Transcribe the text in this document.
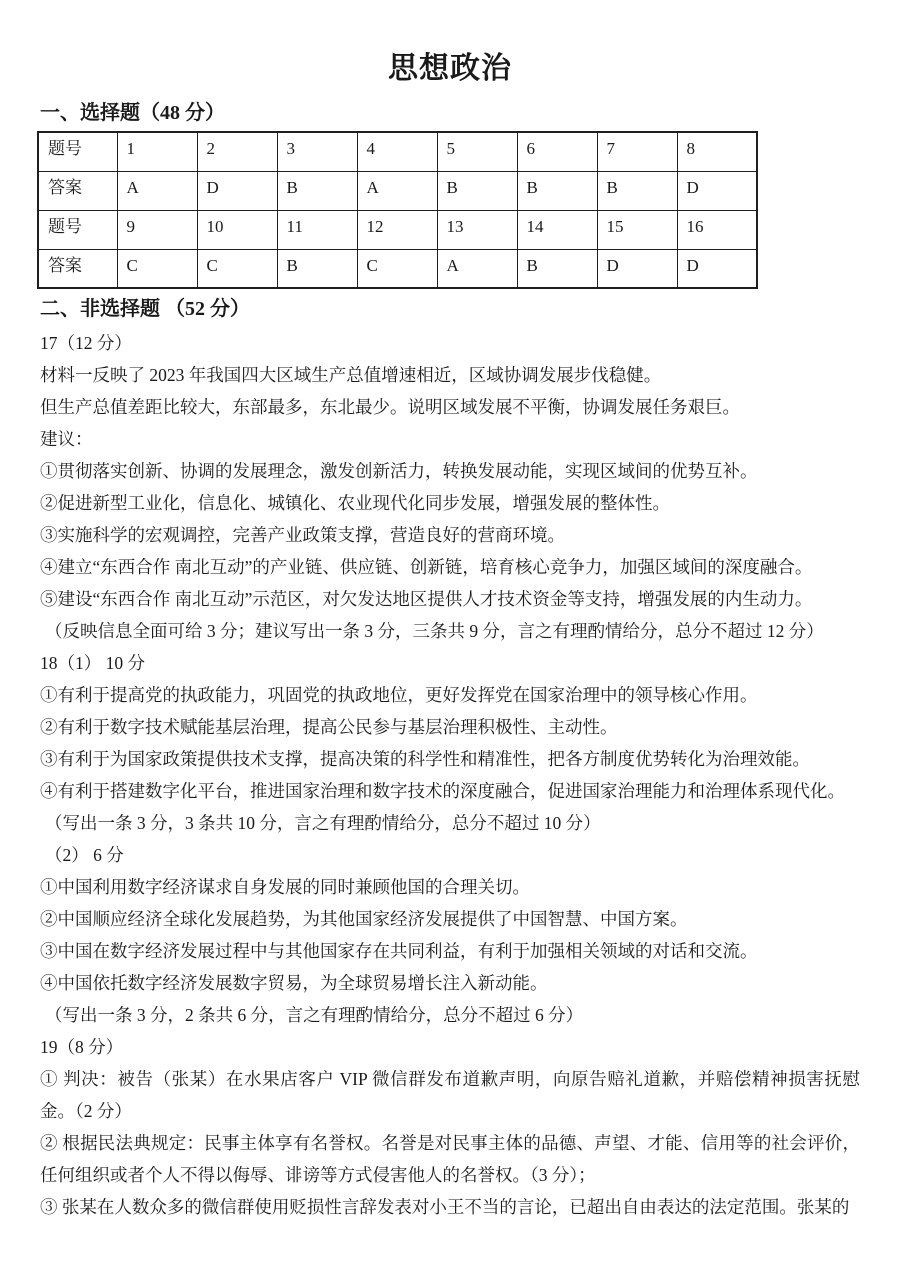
思想政治
一、选择题（48 分）
题号	1	2	3	4	5	6	7	8
答案	A	D	B	A	B	B	B	D
题号	9	10	11	12	13	14	15	16
答案	C	C	B	C	A	B	D	D
二、非选择题 （52 分）

17（12 分）

材料一反映了 2023 年我国四大区域生产总值增速相近，区域协调发展步伐稳健。

但生产总值差距比较大，东部最多，东北最少。说明区域发展不平衡，协调发展任务艰巨。

建议：

①贯彻落实创新、协调的发展理念，激发创新活力，转换发展动能，实现区域间的优势互补。

②促进新型工业化，信息化、城镇化、农业现代化同步发展，增强发展的整体性。

③实施科学的宏观调控，完善产业政策支撑，营造良好的营商环境。

④建立“东西合作 南北互动”的产业链、供应链、创新链，培育核心竞争力，加强区域间的深度融合。

⑤建设“东西合作 南北互动”示范区，对欠发达地区提供人才技术资金等支持，增强发展的内生动力。

（反映信息全面可给 3 分；建议写出一条 3 分，三条共 9 分，言之有理酌情给分，总分不超过 12 分）

18（1） 10 分

①有利于提高党的执政能力，巩固党的执政地位，更好发挥党在国家治理中的领导核心作用。

②有利于数字技术赋能基层治理，提高公民参与基层治理积极性、主动性。

③有利于为国家政策提供技术支撑，提高决策的科学性和精准性，把各方制度优势转化为治理效能。

④有利于搭建数字化平台，推进国家治理和数字技术的深度融合，促进国家治理能力和治理体系现代化。

（写出一条 3 分，3 条共 10 分，言之有理酌情给分，总分不超过 10 分）

（2） 6 分

①中国利用数字经济谋求自身发展的同时兼顾他国的合理关切。

②中国顺应经济全球化发展趋势，为其他国家经济发展提供了中国智慧、中国方案。

③中国在数字经济发展过程中与其他国家存在共同利益，有利于加强相关领域的对话和交流。

④中国依托数字经济发展数字贸易，为全球贸易增长注入新动能。

（写出一条 3 分，2 条共 6 分，言之有理酌情给分，总分不超过 6 分）

19（8 分）

① 判决：被告（张某）在水果店客户 VIP 微信群发布道歉声明，向原告赔礼道歉，并赔偿精神损害抚慰金。（2 分）

② 根据民法典规定：民事主体享有名誉权。名誉是对民事主体的品德、声望、才能、信用等的社会评价，任何组织或者个人不得以侮辱、诽谤等方式侵害他人的名誉权。（3 分）；

③ 张某在人数众多的微信群使用贬损性言辞发表对小王不当的言论，已超出自由表达的法定范围。张某的
